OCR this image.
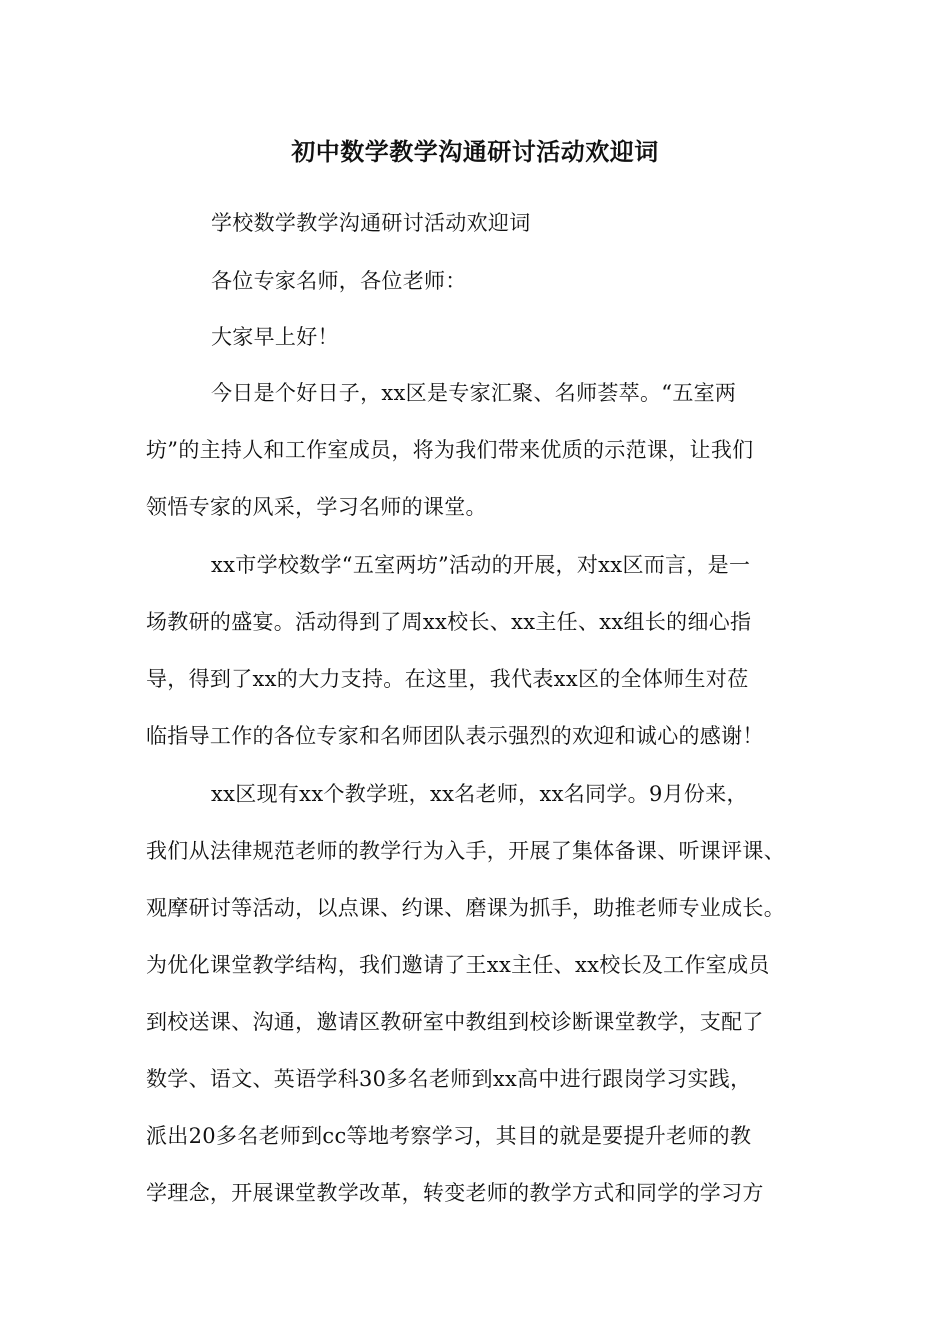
初中数学教学沟通研讨活动欢迎词
学校数学教学沟通研讨活动欢迎词
各位专家名师，各位老师：
大家早上好！
今日是个好日子，xx区是专家汇聚、名师荟萃。“五室两
坊”的主持人和工作室成员，将为我们带来优质的示范课，让我们
领悟专家的风采，学习名师的课堂。
xx市学校数学“五室两坊”活动的开展，对xx区而言，是一
场教研的盛宴。活动得到了周xx校长、xx主任、xx组长的细心指
导，得到了xx的大力支持。在这里，我代表xx区的全体师生对莅
临指导工作的各位专家和名师团队表示强烈的欢迎和诚心的感谢！
xx区现有xx个教学班，xx名老师，xx名同学。9月份来，
我们从法律规范老师的教学行为入手，开展了集体备课、听课评课、
观摩研讨等活动，以点课、约课、磨课为抓手，助推老师专业成长。
为优化课堂教学结构，我们邀请了王xx主任、xx校长及工作室成员
到校送课、沟通，邀请区教研室中教组到校诊断课堂教学，支配了
数学、语文、英语学科30多名老师到xx高中进行跟岗学习实践，
派出20多名老师到cc等地考察学习，其目的就是要提升老师的教
学理念，开展课堂教学改革，转变老师的教学方式和同学的学习方
